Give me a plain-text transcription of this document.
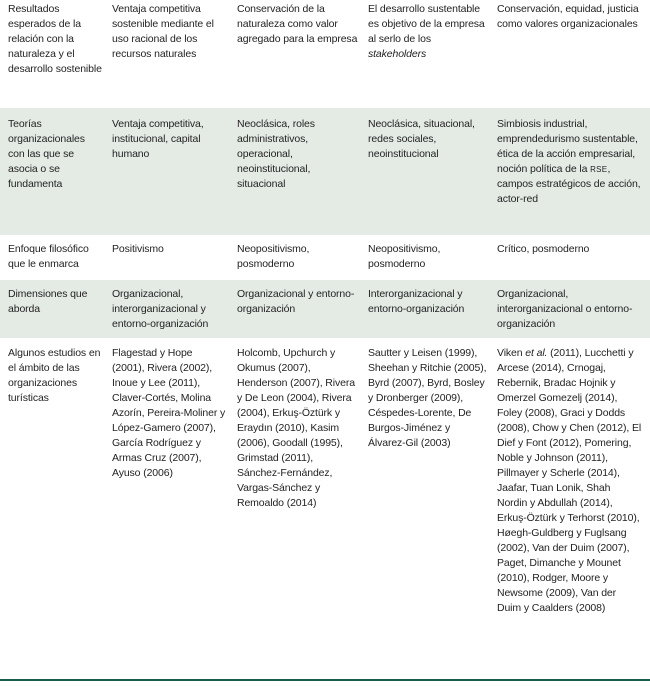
Resultados esperados de la relación con la naturaleza y el desarrollo sostenible
Ventaja competitiva sostenible mediante el uso racional de los recursos naturales
Conservación de la naturaleza como valor agregado para la empresa
El desarrollo sustentable es objetivo de la empresa al serlo de los stakeholders
Conservación, equidad, justicia como valores organizacionales
Teorías organizacionales con las que se asocia o se fundamenta
Ventaja competitiva, institucional, capital humano
Neoclásica, roles administrativos, operacional, neoinstitucional, situacional
Neoclásica, situacional, redes sociales, neoinstitucional
Simbiosis industrial, emprendedurismo sustentable, ética de la acción empresarial, noción política de la RSE, campos estratégicos de acción, actor-red
Enfoque filosófico que le enmarca
Positivismo	Neopositivismo, posmoderno
Neopositivismo, posmoderno
Crítico, posmoderno
Dimensiones que aborda
Organizacional, interorganizacional y entorno-organización
Organizacional y entorno-organización
Interorganizacional y entorno-organización
Organizacional, interorganizacional o entorno-organización
Algunos estudios en el ámbito de las organizaciones turísticas
Flagestad y Hope (2001), Rivera (2002), Inoue y Lee (2011), Claver-Cortés, Molina Azorín, Pereira-Moliner y López-Gamero (2007), García Rodríguez y Armas Cruz (2007), Ayuso (2006)
Holcomb, Upchurch y Okumus (2007), Henderson (2007), Rivera y De Leon (2004), Rivera (2004), Erkuş-Öztürk y Eraydın (2010), Kasim (2006), Goodall (1995), Grimstad (2011), Sánchez-Fernández, Vargas-Sánchez y Remoaldo (2014)
Sautter y Leisen (1999), Sheehan y Ritchie (2005), Byrd (2007), Byrd, Bosley y Dronberger (2009), Céspedes-Lorente, De Burgos-Jiménez y Álvarez-Gil (2003)
Viken et al. (2011), Lucchetti y Arcese (2014), Crnogaj, Rebernik, Bradac Hojnik y Omerzel Gomezelj (2014), Foley (2008), Graci y Dodds (2008), Chow y Chen (2012), El Dief y Font (2012), Pomering, Noble y Johnson (2011), Pillmayer y Scherle (2014), Jaafar, Tuan Lonik, Shah Nordin y Abdullah (2014), Erkuş-Öztürk y Terhorst (2010), Høegh-Guldberg y Fuglsang (2002), Van der Duim (2007), Paget, Dimanche y Mounet (2010), Rodger, Moore y Newsome (2009), Van der Duim y Caalders (2008)
